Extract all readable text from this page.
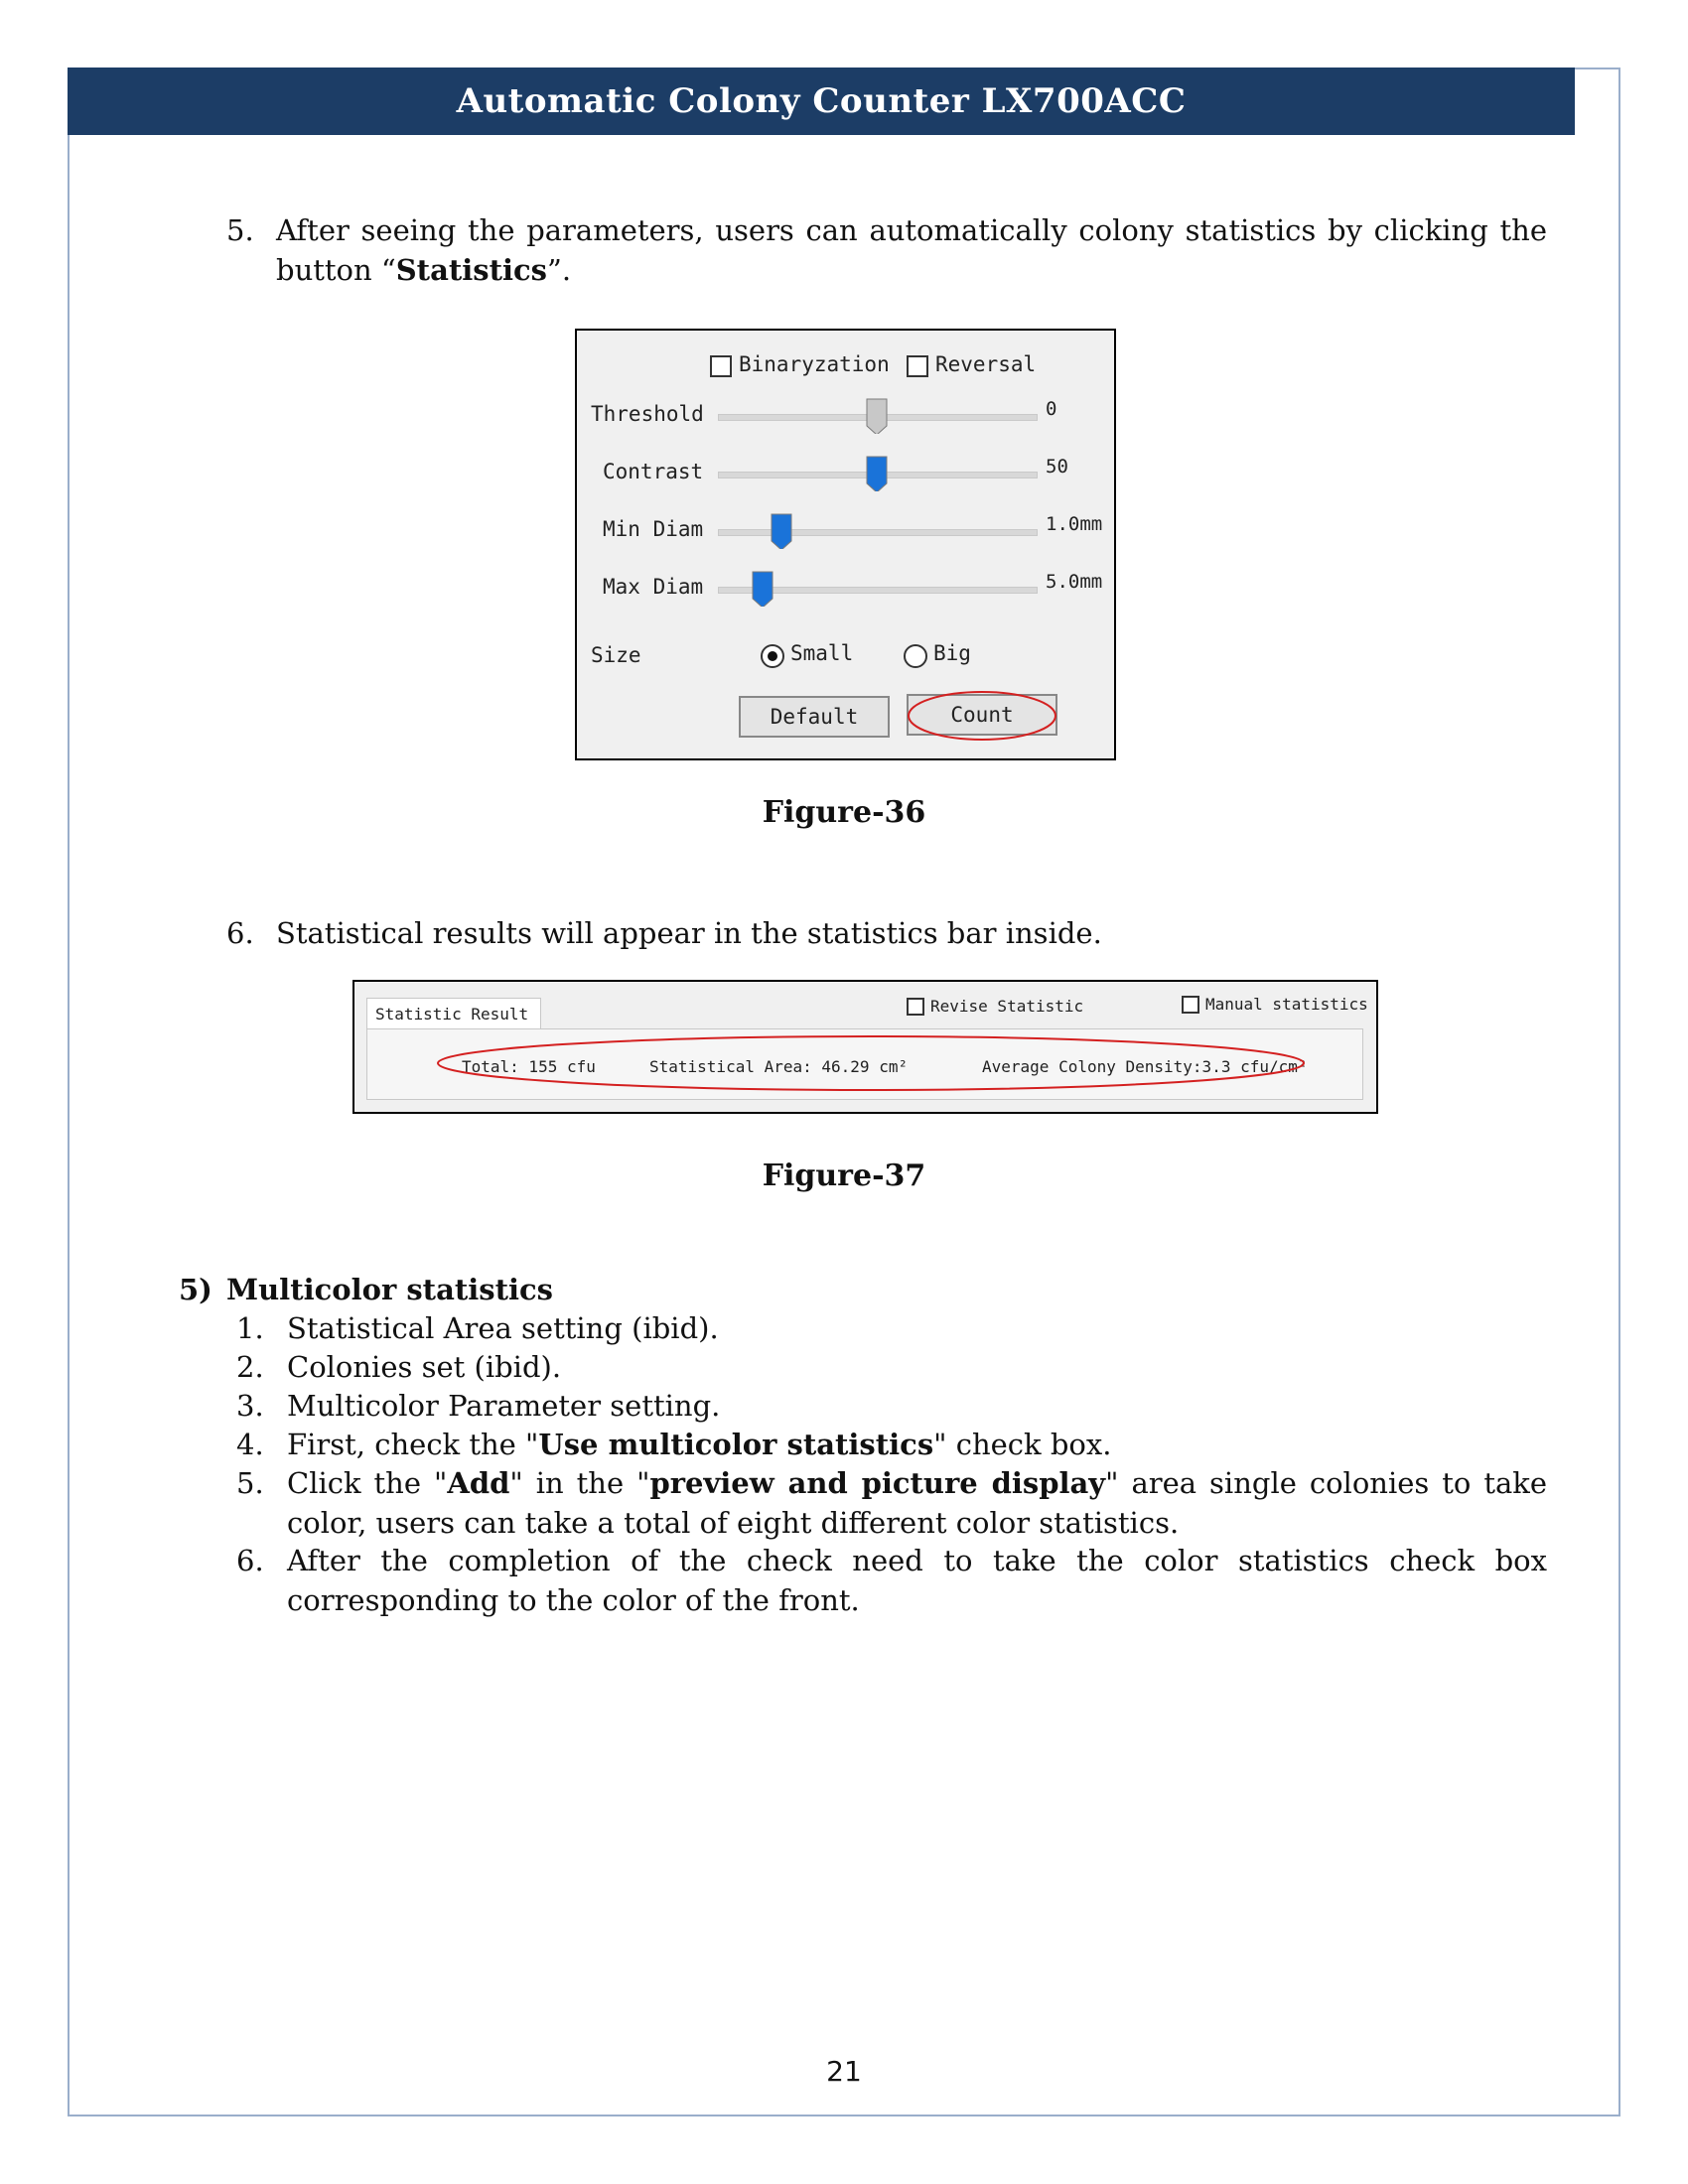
Automatic Colony Counter LX700ACC
5. After seeing the parameters, users can automatically colony statistics by clicking the button “Statistics”.
Binaryzation Reversal
Threshold	0
Contrast	50
Min Diam	1.0mm
Max Diam	5.0mm
Size	Small	Big
Default	Count
Figure-36
6. Statistical results will appear in the statistics bar inside.
Statistic Result	Revise Statistic	Manual statistics
Total: 155 cfu	Statistical Area: 46.29 cm²	Average Colony Density:3.3 cfu/cm²
Figure-37
5) Multicolor statistics
1. Statistical Area setting (ibid).
2. Colonies set (ibid).
3. Multicolor Parameter setting.
4. First, check the "Use multicolor statistics" check box.
5. Click the "Add" in the "preview and picture display" area single colonies to take color, users can take a total of eight different color statistics.
6. After the completion of the check need to take the color statistics check box corresponding to the color of the front.
21
